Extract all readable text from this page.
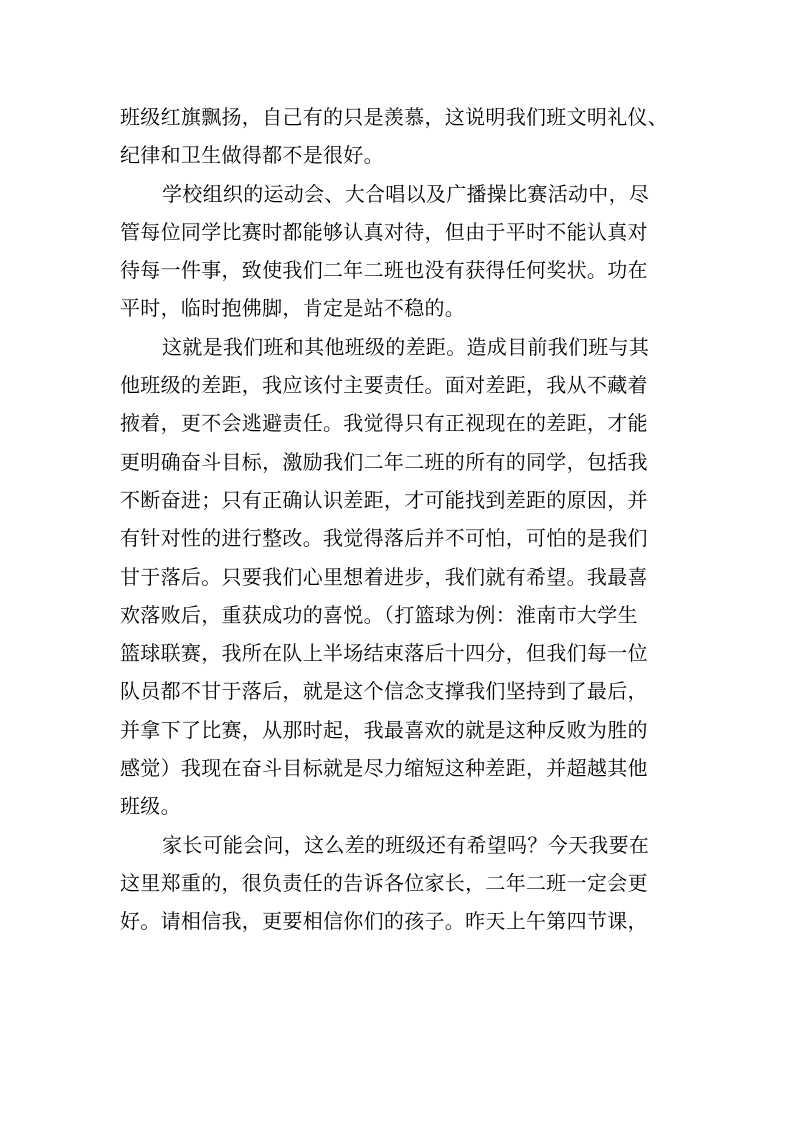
班级红旗飘扬，自己有的只是羡慕，这说明我们班文明礼仪、
纪律和卫生做得都不是很好。
学校组织的运动会、大合唱以及广播操比赛活动中，尽
管每位同学比赛时都能够认真对待，但由于平时不能认真对
待每一件事，致使我们二年二班也没有获得任何奖状。功在
平时，临时抱佛脚，肯定是站不稳的。
这就是我们班和其他班级的差距。造成目前我们班与其
他班级的差距，我应该付主要责任。面对差距，我从不藏着
掖着，更不会逃避责任。我觉得只有正视现在的差距，才能
更明确奋斗目标，激励我们二年二班的所有的同学，包括我
不断奋进；只有正确认识差距，才可能找到差距的原因，并
有针对性的进行整改。我觉得落后并不可怕，可怕的是我们
甘于落后。只要我们心里想着进步，我们就有希望。我最喜
欢落败后，重获成功的喜悦。（打篮球为例：淮南市大学生
篮球联赛，我所在队上半场结束落后十四分，但我们每一位
队员都不甘于落后，就是这个信念支撑我们坚持到了最后，
并拿下了比赛，从那时起，我最喜欢的就是这种反败为胜的
感觉）我现在奋斗目标就是尽力缩短这种差距，并超越其他
班级。
家长可能会问，这么差的班级还有希望吗？今天我要在
这里郑重的，很负责任的告诉各位家长，二年二班一定会更
好。请相信我，更要相信你们的孩子。昨天上午第四节课，
